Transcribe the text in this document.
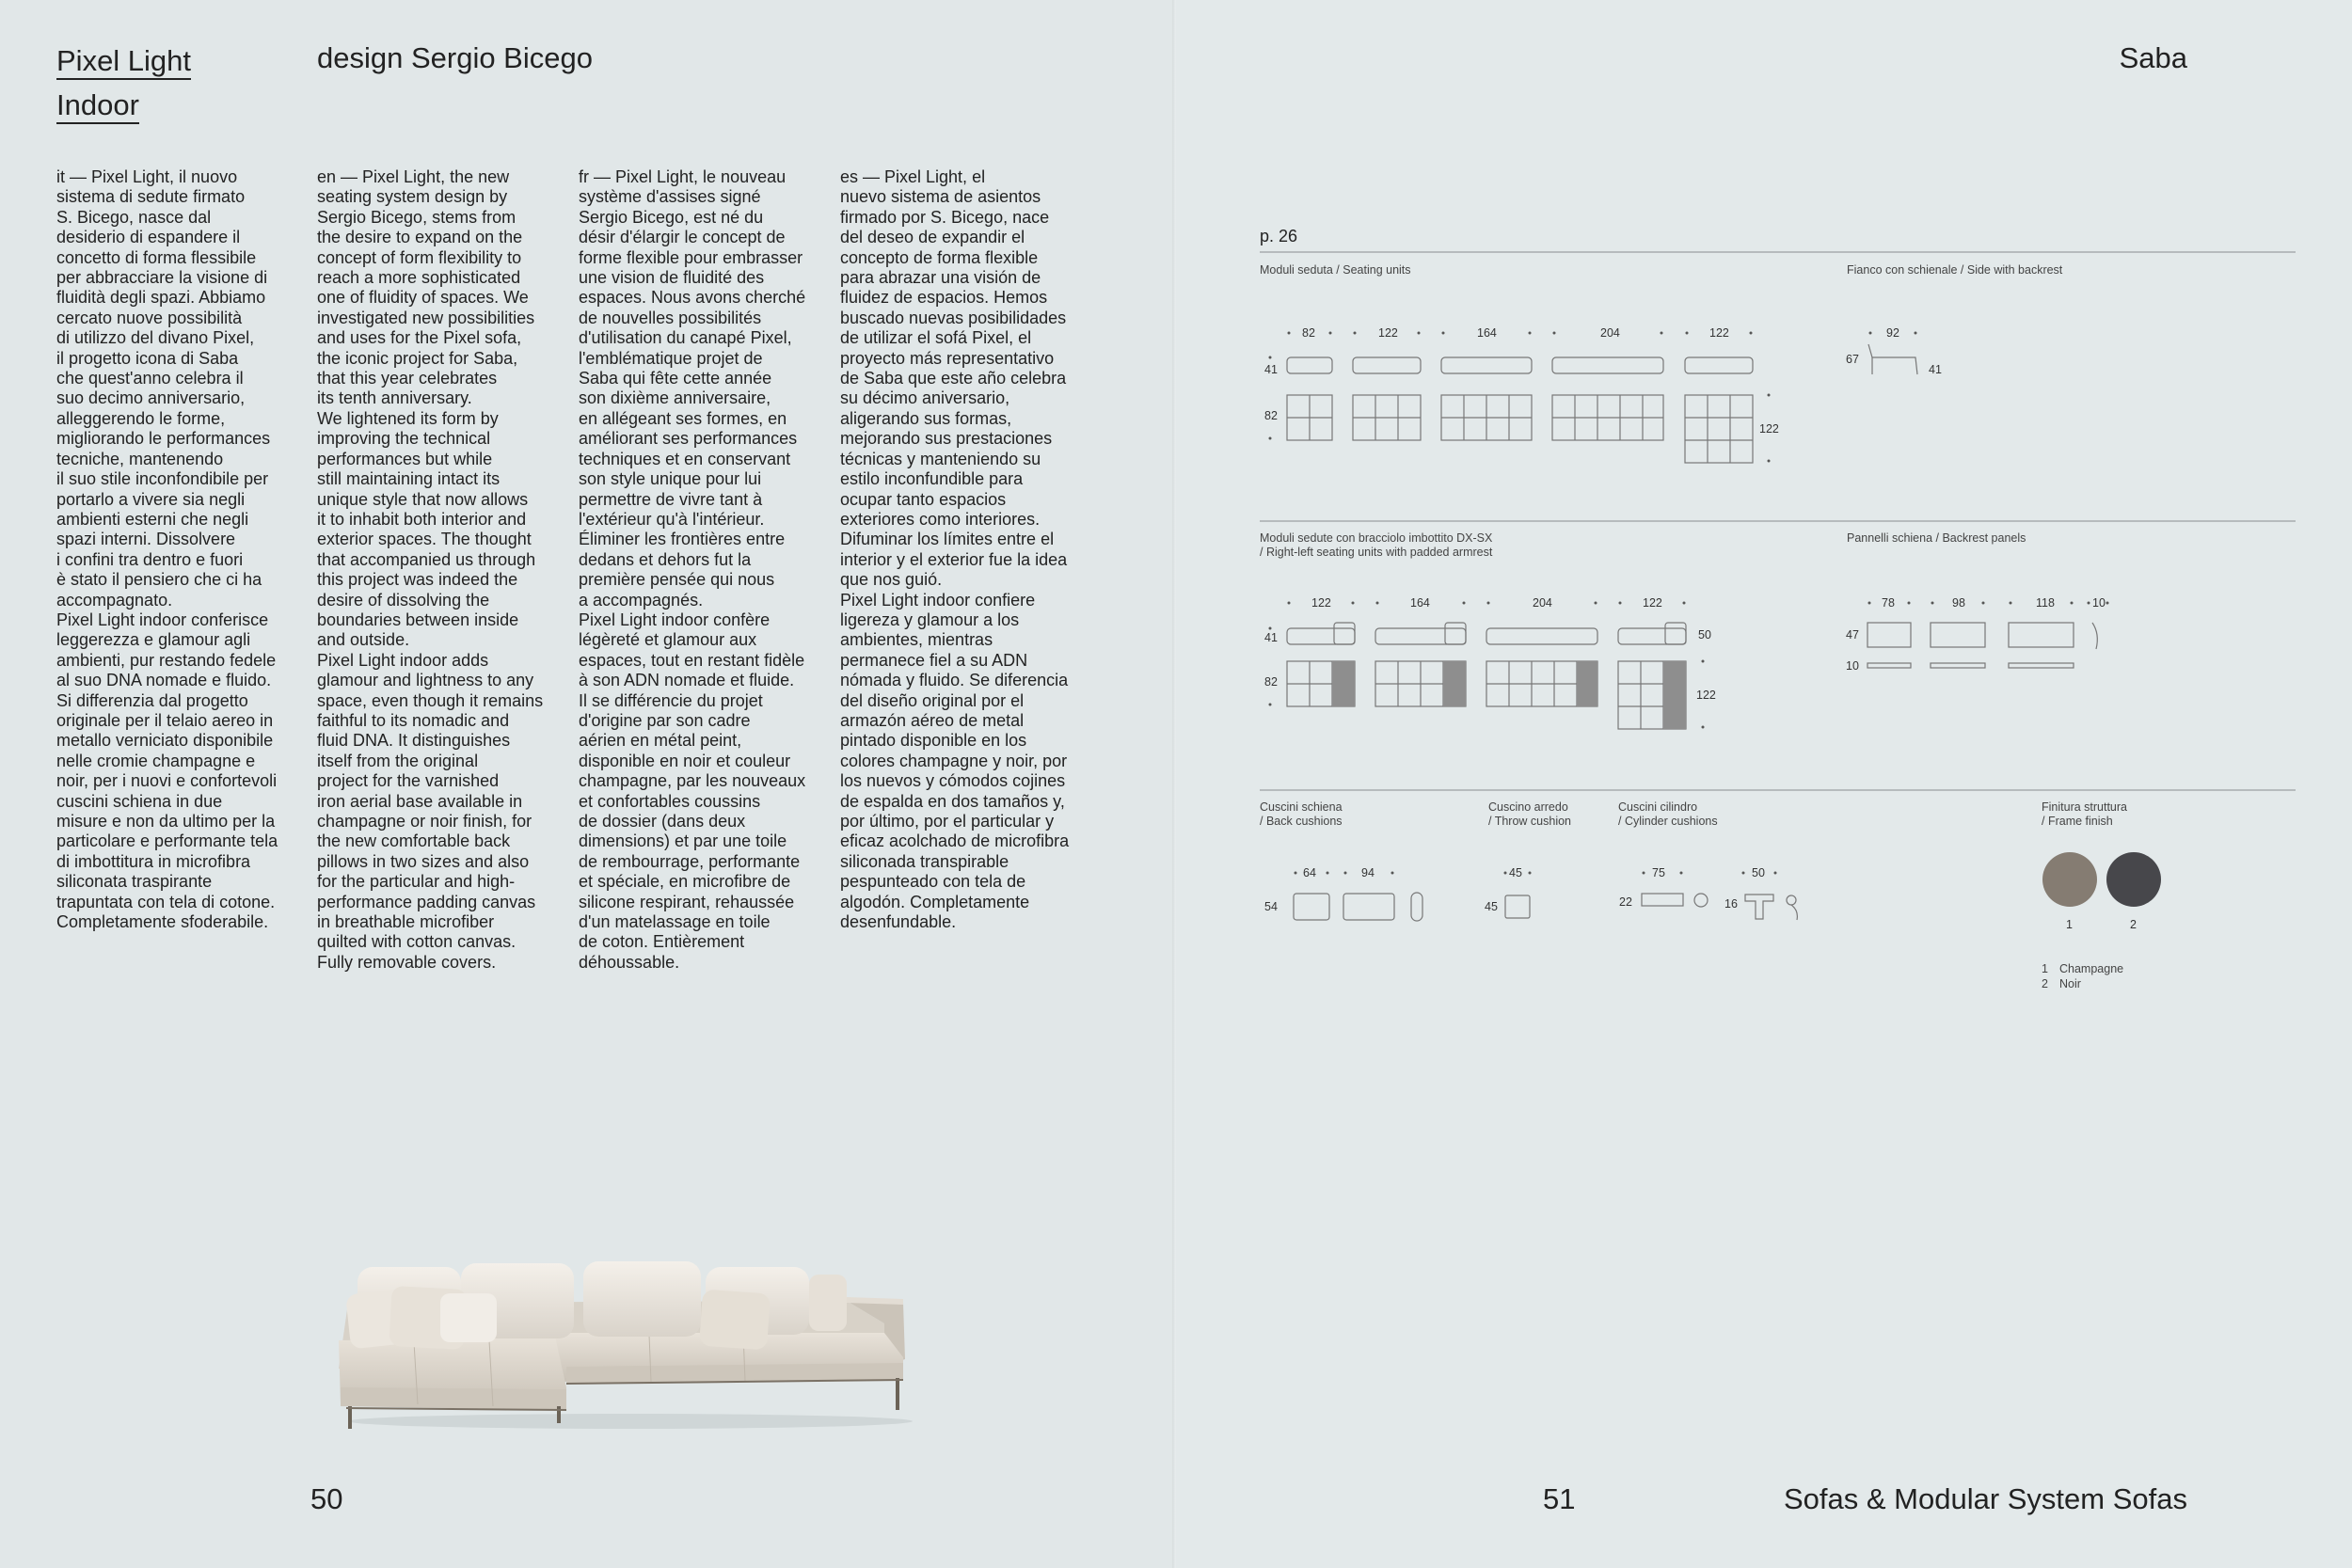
Pixel Light
Indoor
design Sergio Bicego	Saba
it — Pixel Light, il nuovo
sistema di sedute firmato
S. Bicego, nasce dal
desiderio di espandere il
concetto di forma flessibile
per abbracciare la visione di
fluidità degli spazi. Abbiamo
cercato nuove possibilità
di utilizzo del divano Pixel,
il progetto icona di Saba
che quest'anno celebra il
suo decimo anniversario,
alleggerendo le forme,
migliorando le performances
tecniche, mantenendo
il suo stile inconfondibile per
portarlo a vivere sia negli
ambienti esterni che negli
spazi interni. Dissolvere
i confini tra dentro e fuori
è stato il pensiero che ci ha
accompagnato.
Pixel Light indoor conferisce
leggerezza e glamour agli
ambienti, pur restando fedele
al suo DNA nomade e fluido.
Si differenzia dal progetto
originale per il telaio aereo in
metallo verniciato disponibile
nelle cromie champagne e
noir, per i nuovi e confortevoli
cuscini schiena in due
misure e non da ultimo per la
particolare e performante tela
di imbottitura in microfibra
siliconata traspirante
trapuntata con tela di cotone.
Completamente sfoderabile.
en — Pixel Light, the new
seating system design by
Sergio Bicego, stems from
the desire to expand on the
concept of form flexibility to
reach a more sophisticated
one of fluidity of spaces. We
investigated new possibilities
and uses for the Pixel sofa,
the iconic project for Saba,
that this year celebrates
its tenth anniversary.
We lightened its form by
improving the technical
performances but while
still maintaining intact its
unique style that now allows
it to inhabit both interior and
exterior spaces. The thought
that accompanied us through
this project was indeed the
desire of dissolving the
boundaries between inside
and outside.
Pixel Light indoor adds
glamour and lightness to any
space, even though it remains
faithful to its nomadic and
fluid DNA. It distinguishes
itself from the original
project for the varnished
iron aerial base available in
champagne or noir finish, for
the new comfortable back
pillows in two sizes and also
for the particular and high-
performance padding canvas
in breathable microfiber
quilted with cotton canvas.
Fully removable covers.
fr — Pixel Light, le nouveau
système d'assises signé
Sergio Bicego, est né du
désir d'élargir le concept de
forme flexible pour embrasser
une vision de fluidité des
espaces. Nous avons cherché
de nouvelles possibilités
d'utilisation du canapé Pixel,
l'emblématique projet de
Saba qui fête cette année
son dixième anniversaire,
en allégeant ses formes, en
améliorant ses performances
techniques et en conservant
son style unique pour lui
permettre de vivre tant à
l'extérieur qu'à l'intérieur.
Éliminer les frontières entre
dedans et dehors fut la
première pensée qui nous
a accompagnés.
Pixel Light indoor confère
légèreté et glamour aux
espaces, tout en restant fidèle
à son ADN nomade et fluide.
Il se différencie du projet
d'origine par son cadre
aérien en métal peint,
disponible en noir et couleur
champagne, par les nouveaux
et confortables coussins
de dossier (dans deux
dimensions) et par une toile
de rembourrage, performante
et spéciale, en microfibre de
silicone respirant, rehaussée
d'un matelassage en toile
de coton. Entièrement
déhoussable.
es — Pixel Light, el
nuevo sistema de asientos
firmado por S. Bicego, nace
del deseo de expandir el
concepto de forma flexible
para abrazar una visión de
fluidez de espacios. Hemos
buscado nuevas posibilidades
de utilizar el sofá Pixel, el
proyecto más representativo
de Saba que este año celebra
su décimo aniversario,
aligerando sus formas,
mejorando sus prestaciones
técnicas y manteniendo su
estilo inconfundible para
ocupar tanto espacios
exteriores como interiores.
Difuminar los límites entre el
interior y el exterior fue la idea
que nos guió.
Pixel Light indoor confiere
ligereza y glamour a los
ambientes, mientras
permanece fiel a su ADN
nómada y fluido. Se diferencia
del diseño original por el
armazón aéreo de metal
pintado disponible en los
colores champagne y noir, por
los nuevos y cómodos cojines
de espalda en dos tamaños y,
por último, por el particular y
eficaz acolchado de microfibra
siliconada transpirable
pespunteado con tela de
algodón. Completamente
desenfundable.
p. 26
Moduli seduta / Seating units
82	122	164	204	122
41
82
122
Fianco con schienale / Side with backrest
92
67
41
Moduli sedute con bracciolo imbottito DX-SX
/ Right-left seating units with padded armrest
122	164	204	122
41	50
82
122
Pannelli schiena / Backrest panels
78	98	118	10
47
10
Cuscini schiena
/ Back cushions
64	94
54
Cuscino arredo
/ Throw cushion
45
45
Cuscini cilindro
/ Cylinder cushions
75	50
22	16
Finitura struttura
/ Frame finish
1	2
1 Champagne
2 Noir
50	51	Sofas & Modular System Sofas
